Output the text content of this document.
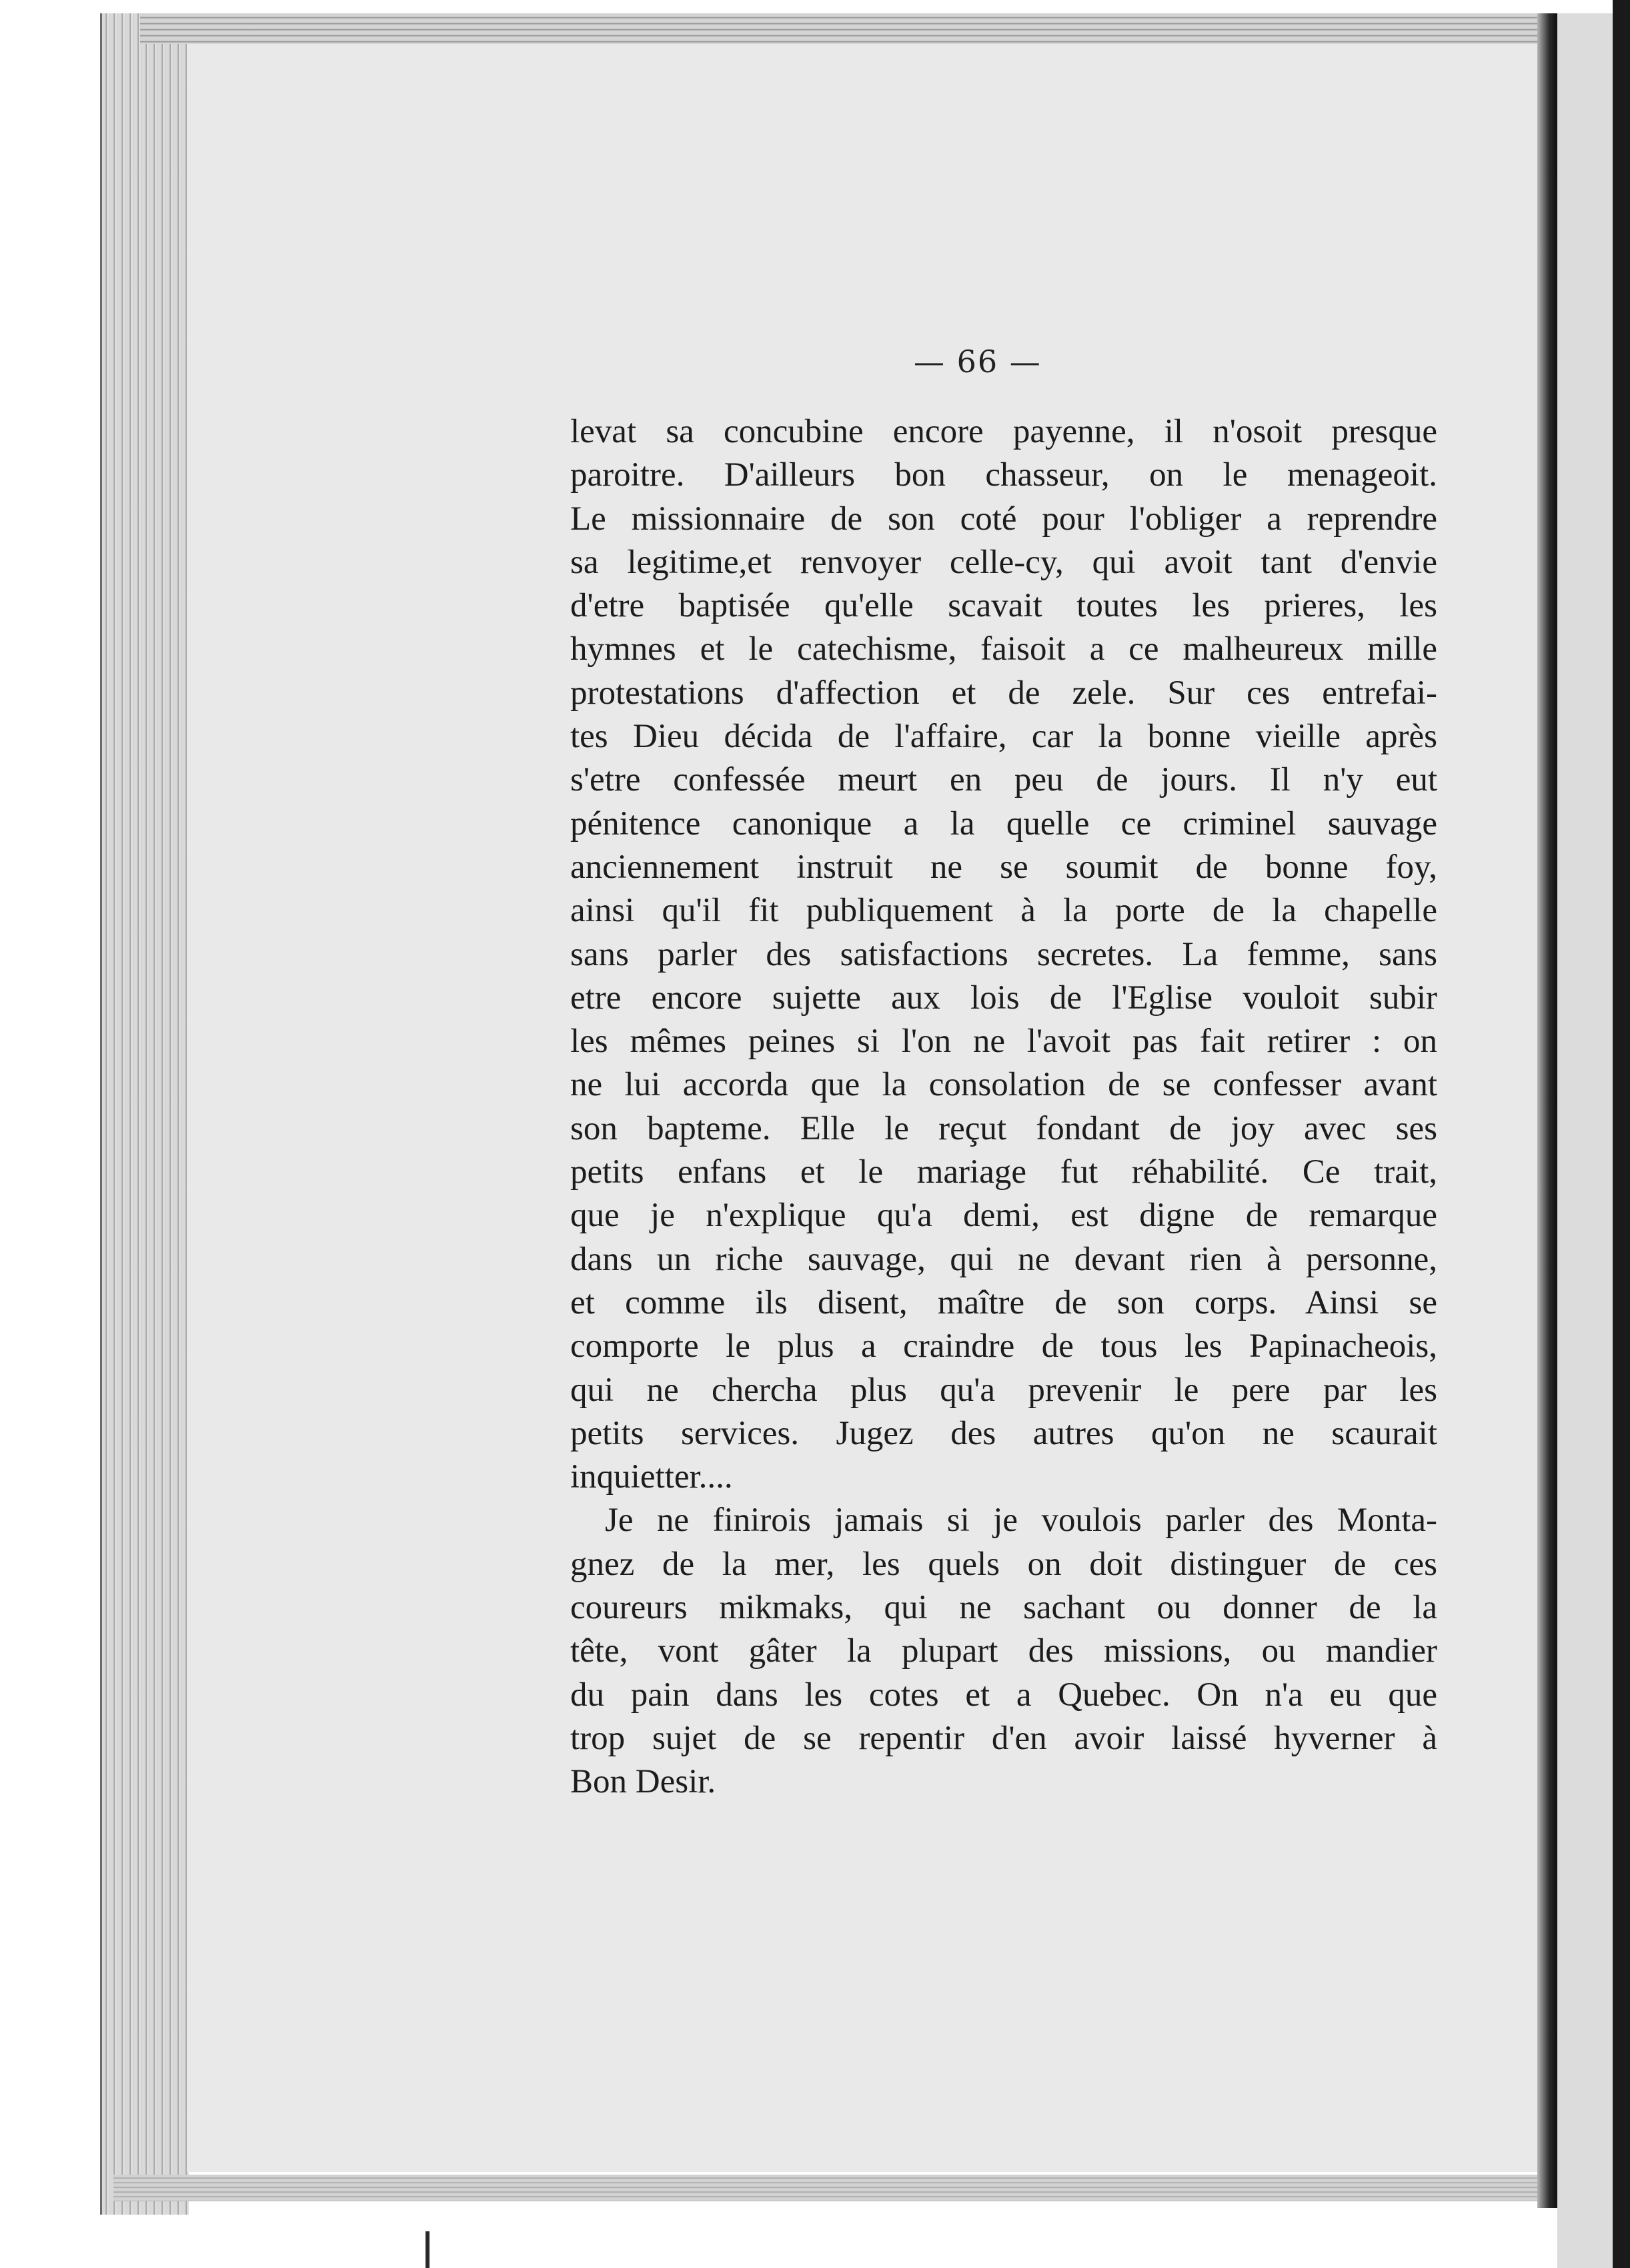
— 66 —
levat sa concubine encore payenne, il n'osoit presque
paroitre. D'ailleurs bon chasseur, on le menageoit.
Le missionnaire de son coté pour l'obliger a reprendre
sa legitime,et renvoyer celle-cy, qui avoit tant d'envie
d'etre baptisée qu'elle scavait toutes les prieres, les
hymnes et le catechisme, faisoit a ce malheureux mille
protestations d'affection et de zele. Sur ces entrefai-
tes Dieu décida de l'affaire, car la bonne vieille après
s'etre confessée meurt en peu de jours. Il n'y eut
pénitence canonique a la quelle ce criminel sauvage
anciennement instruit ne se soumit de bonne foy,
ainsi qu'il fit publiquement à la porte de la chapelle
sans parler des satisfactions secretes. La femme, sans
etre encore sujette aux lois de l'Eglise vouloit subir
les mêmes peines si l'on ne l'avoit pas fait retirer : on
ne lui accorda que la consolation de se confesser avant
son bapteme. Elle le reçut fondant de joy avec ses
petits enfans et le mariage fut réhabilité. Ce trait,
que je n'explique qu'a demi, est digne de remarque
dans un riche sauvage, qui ne devant rien à personne,
et comme ils disent, maître de son corps. Ainsi se
comporte le plus a craindre de tous les Papinacheois,
qui ne chercha plus qu'a prevenir le pere par les
petits services. Jugez des autres qu'on ne scaurait
inquietter....
Je ne finirois jamais si je voulois parler des Monta-
gnez de la mer, les quels on doit distinguer de ces
coureurs mikmaks, qui ne sachant ou donner de la
tête, vont gâter la plupart des missions, ou mandier
du pain dans les cotes et a Quebec. On n'a eu que
trop sujet de se repentir d'en avoir laissé hyverner à
Bon Desir.
